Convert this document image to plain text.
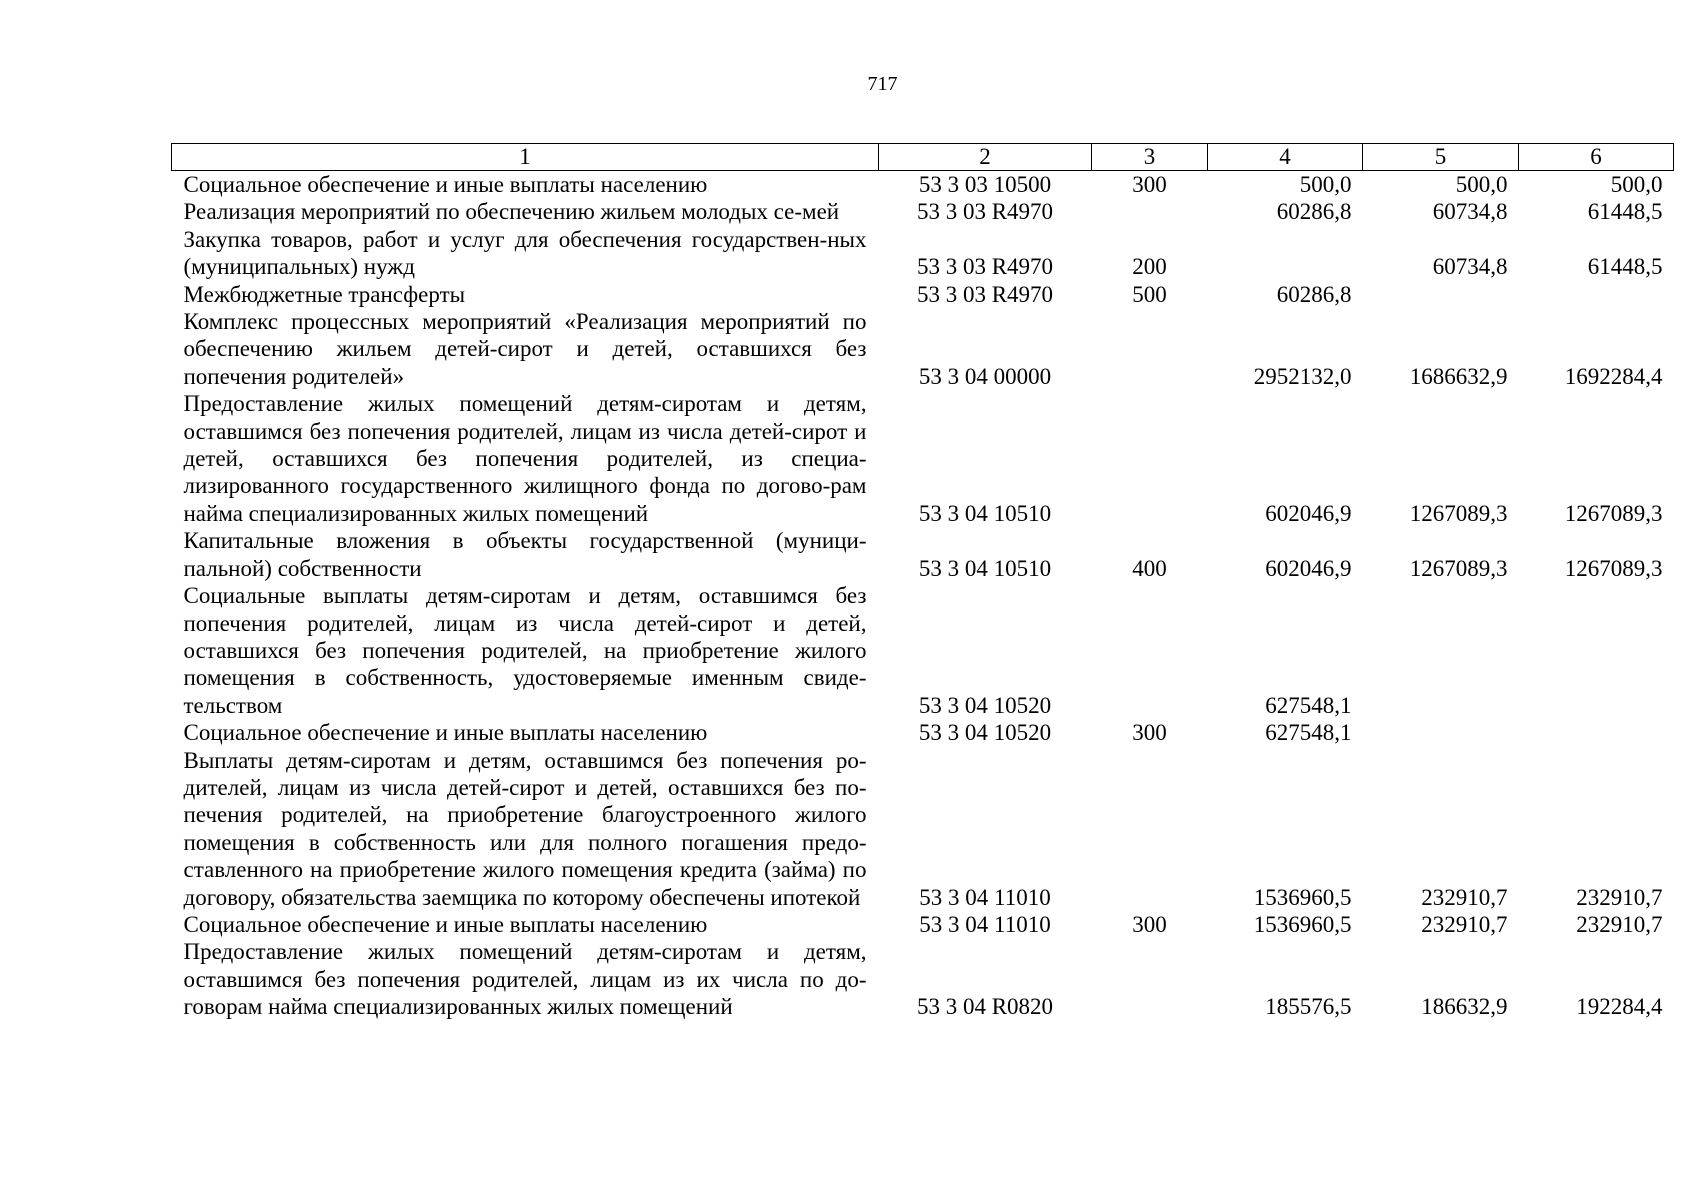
717
1	2	3	4	5	6
Социальное обеспечение и иные выплаты населению	53 3 03 10500	300	500,0	500,0	500,0
Реализация мероприятий по обеспечению жильем молодых се-мей	53 3 03 R4970		60286,8	60734,8	61448,5
Закупка товаров, работ и услуг для обеспечения государствен-ных (муниципальных) нужд	53 3 03 R4970	200		60734,8	61448,5
Межбюджетные трансферты	53 3 03 R4970	500	60286,8		
Комплекс процессных мероприятий «Реализация мероприятий по обеспечению жильем детей-сирот и детей, оставшихся без попечения родителей»	53 3 04 00000		2952132,0	1686632,9	1692284,4
Предоставление жилых помещений детям-сиротам и детям, оставшимся без попечения родителей, лицам из числа детей-сирот и детей, оставшихся без попечения родителей, из специа-лизированного государственного жилищного фонда по догово-рам найма специализированных жилых помещений	53 3 04 10510		602046,9	1267089,3	1267089,3
Капитальные вложения в объекты государственной (муници-пальной) собственности	53 3 04 10510	400	602046,9	1267089,3	1267089,3
Социальные выплаты детям-сиротам и детям, оставшимся без попечения родителей, лицам из числа детей-сирот и детей, оставшихся без попечения родителей, на приобретение жилого помещения в собственность, удостоверяемые именным свиде-тельством	53 3 04 10520		627548,1		
Социальное обеспечение и иные выплаты населению	53 3 04 10520	300	627548,1		
Выплаты детям-сиротам и детям, оставшимся без попечения ро-дителей, лицам из числа детей-сирот и детей, оставшихся без по-печения родителей, на приобретение благоустроенного жилого помещения в собственность или для полного погашения предо-ставленного на приобретение жилого помещения кредита (займа) по договору, обязательства заемщика по которому обеспечены ипотекой	53 3 04 11010		1536960,5	232910,7	232910,7
Социальное обеспечение и иные выплаты населению	53 3 04 11010	300	1536960,5	232910,7	232910,7
Предоставление жилых помещений детям-сиротам и детям, оставшимся без попечения родителей, лицам из их числа по до-говорам найма специализированных жилых помещений	53 3 04 R0820		185576,5	186632,9	192284,4
